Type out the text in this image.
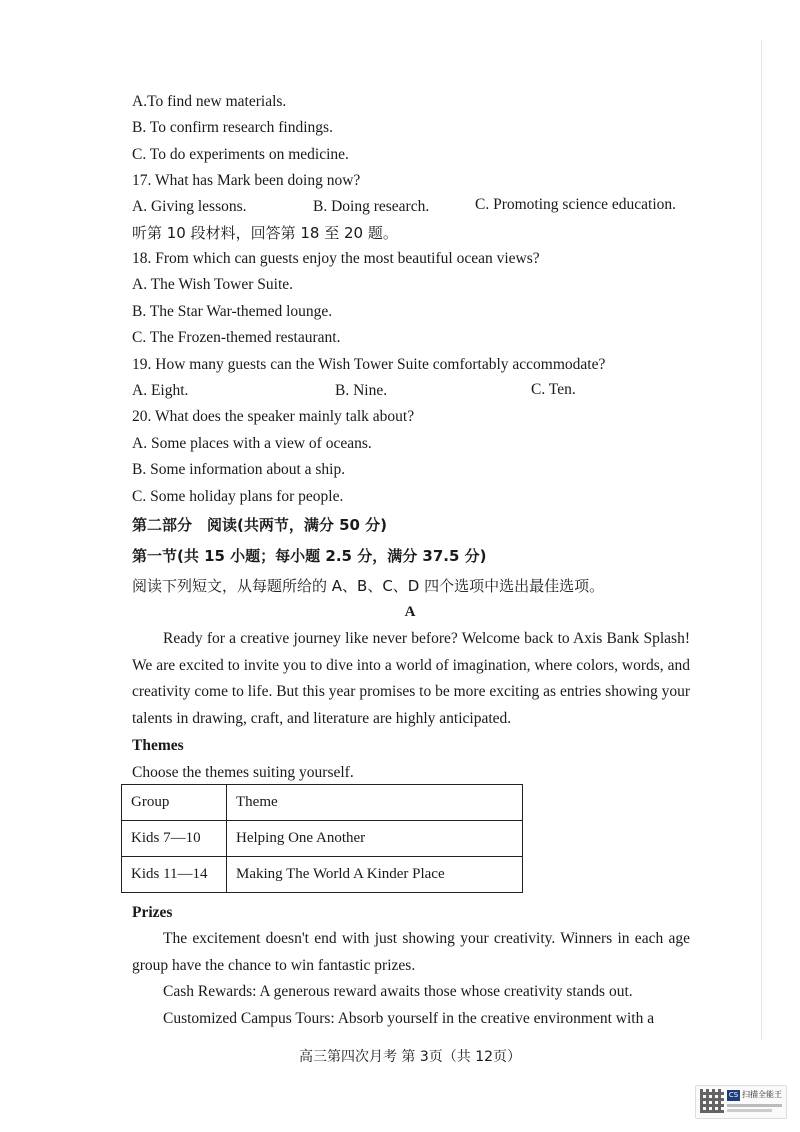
A.To find new materials.
B. To confirm research findings.
C. To do experiments on medicine.
17. What has Mark been doing now?
A. Giving lessons.	B. Doing research.	C. Promoting science education.
听第 10 段材料，回答第 18 至 20 题。
18. From which can guests enjoy the most beautiful ocean views?
A. The Wish Tower Suite.
B. The Star War-themed lounge.
C. The Frozen-themed restaurant.
19. How many guests can the Wish Tower Suite comfortably accommodate?
A. Eight.	B. Nine.	C. Ten.
20. What does the speaker mainly talk about?
A. Some places with a view of oceans.
B. Some information about a ship.
C. Some holiday plans for people.
第二部分　阅读(共两节，满分 50 分)
第一节(共 15 小题；每小题 2.5 分，满分 37.5 分)
阅读下列短文，从每题所给的 A、B、C、D 四个选项中选出最佳选项。
A

Ready for a creative journey like never before? Welcome back to Axis Bank Splash! We are excited to invite you to dive into a world of imagination, where colors, words, and creativity come to life. But this year promises to be more exciting as entries showing your talents in drawing, craft, and literature are highly anticipated.

Themes
Choose the themes suiting yourself.
Group	Theme
Kids 7—10	Helping One Another
Kids 11—14	Making The World A Kinder Place
Prizes

The excitement doesn't end with just showing your creativity. Winners in each age group have the chance to win fantastic prizes.

Cash Rewards: A generous reward awaits those whose creativity stands out.

Customized Campus Tours: Absorb yourself in the creative environment with a

高三第四次月考 第 3页（共 12页）
CS 扫描全能王
